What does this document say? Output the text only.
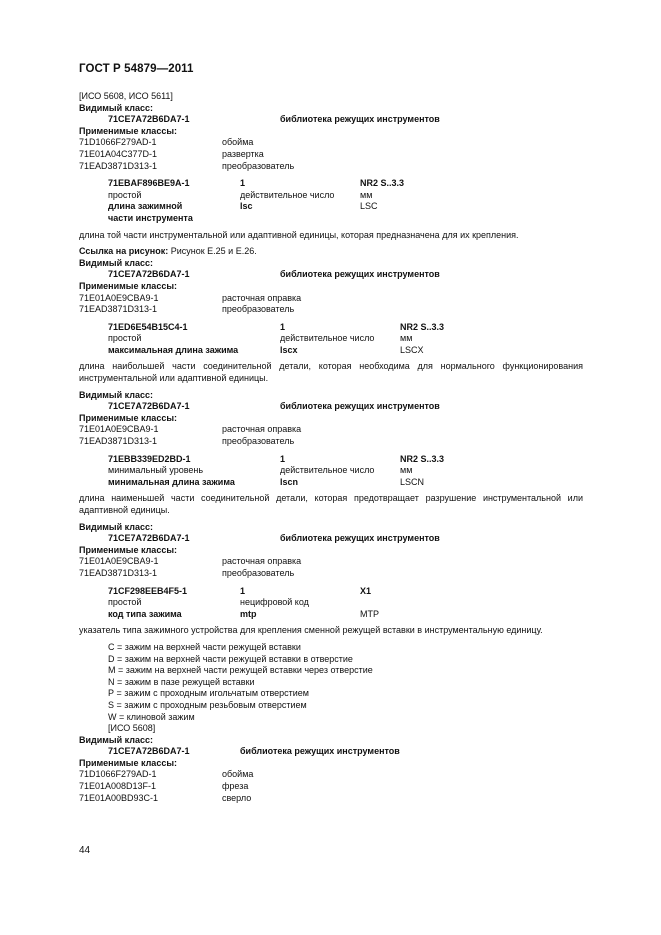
ГОСТ Р 54879—2011
[ИСО 5608, ИСО 5611]
Видимый класс:
71CE7A72B6DA7-1	библиотека режущих инструментов
Применимые классы:
71D1066F279AD-1	обойма
71E01A04C377D-1	развертка
71EAD3871D313-1	преобразователь
71EBAF896BE9A-1	1	NR2 S..3.3
простой	действительное число	мм
длина зажимной	lsc	LSC
части инструмента
длина той части инструментальной или адаптивной единицы, которая предназначена для их крепления.
Ссылка на рисунок: Рисунок Е.25 и Е.26.
Видимый класс:
71CE7A72B6DA7-1	библиотека режущих инструментов
Применимые классы:
71E01A0E9CBA9-1	расточная оправка
71EAD3871D313-1	преобразователь
71ED6E54B15C4-1	1	NR2 S..3.3
простой	действительное число	мм
максимальная длина зажима	lscx	LSCX
длина наибольшей части соединительной детали, которая необходима для нормального функционирования инструментальной или адаптивной единицы.
Видимый класс:
71CE7A72B6DA7-1	библиотека режущих инструментов
Применимые классы:
71E01A0E9CBA9-1	расточная оправка
71EAD3871D313-1	преобразователь
71EBB339ED2BD-1	1	NR2 S..3.3
минимальный уровень	действительное число	мм
минимальная длина зажима	lscn	LSCN
длина наименьшей части соединительной детали, которая предотвращает разрушение инструментальной или адаптивной единицы.
Видимый класс:
71CE7A72B6DA7-1	библиотека режущих инструментов
Применимые классы:
71E01A0E9CBA9-1	расточная оправка
71EAD3871D313-1	преобразователь
71CF298EEB4F5-1	1	X1
простой	нецифровой код
код типа зажима	mtp	MTP
указатель типа зажимного устройства для крепления сменной режущей вставки в инструментальную единицу.
С = зажим на верхней части режущей вставки
D = зажим на верхней части режущей вставки в отверстие
М = зажим на верхней части режущей вставки через отверстие
N = зажим в пазе режущей вставки
Р = зажим с проходным игольчатым отверстием
S = зажим с проходным резьбовым отверстием
W = клиновой зажим
[ИСО 5608]
Видимый класс:
71CE7A72B6DA7-1	библиотека режущих инструментов
Применимые классы:
71D1066F279AD-1	обойма
71E01A008D13F-1	фреза
71E01A00BD93C-1	сверло
44
